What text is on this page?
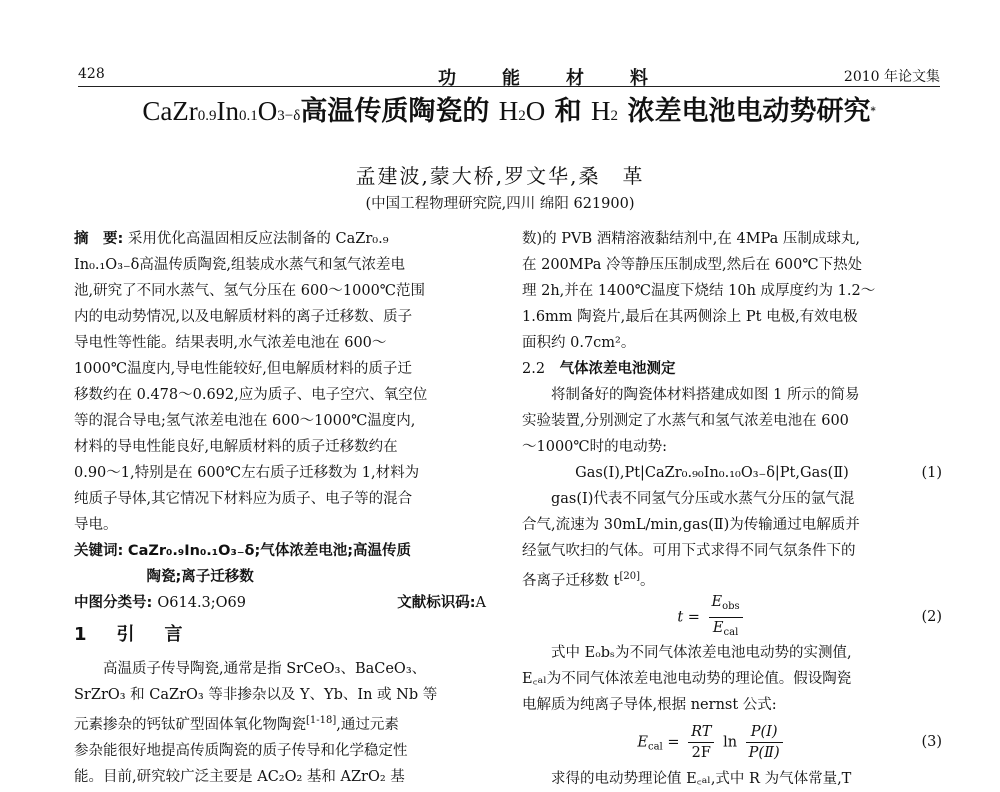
428	功能材料	2010 年论文集
CaZr0.9In0.1O3−δ高温传质陶瓷的 H2O 和 H2 浓差电池电动势研究*
孟建波,蒙大桥,罗文华,桑　革
(中国工程物理研究院,四川 绵阳 621900)

摘　要: 采用优化高温固相反应法制备的 CaZr₀.₉

In₀.₁O₃₋δ高温传质陶瓷,组装成水蒸气和氢气浓差电

池,研究了不同水蒸气、氢气分压在 600～1000℃范围

内的电动势情况,以及电解质材料的离子迁移数、质子

导电性等性能。结果表明,水气浓差电池在 600～

1000℃温度内,导电性能较好,但电解质材料的质子迁

移数约在 0.478～0.692,应为质子、电子空穴、氧空位

等的混合导电;氢气浓差电池在 600～1000℃温度内,

材料的导电性能良好,电解质材料的质子迁移数约在

0.90～1,特别是在 600℃左右质子迁移数为 1,材料为

纯质子导体,其它情况下材料应为质子、电子等的混合

导电。

关键词: CaZr₀.₉In₀.₁O₃₋δ;气体浓差电池;高温传质

陶瓷;离子迁移数

中图分类号: O614.3;O69	文献标识码:A
1　引　言

高温质子传导陶瓷,通常是指 SrCeO₃、BaCeO₃、

SrZrO₃ 和 CaZrO₃ 等非掺杂以及 Y、Yb、In 或 Nb 等

元素掺杂的钙钛矿型固体氧化物陶瓷[1-18],通过元素

参杂能很好地提高传质陶瓷的质子传导和化学稳定性

能。目前,研究较广泛主要是 AC₂O₂ 基和 AZrO₂ 基

数)的 PVB 酒精溶液黏结剂中,在 4MPa 压制成球丸,

在 200MPa 冷等静压压制成型,然后在 600℃下热处

理 2h,并在 1400℃温度下烧结 10h 成厚度约为 1.2～

1.6mm 陶瓷片,最后在其两侧涂上 Pt 电极,有效电极

面积约 0.7cm²。

2.2　 气体浓差电池测定

将制备好的陶瓷体材料搭建成如图 1 所示的简易

实验装置,分别测定了水蒸气和氢气浓差电池在 600

～1000℃时的电动势:

Gas(Ⅰ),Pt|CaZr₀.₉₀In₀.₁₀O₃₋δ|Pt,Gas(Ⅱ)	(1)

gas(Ⅰ)代表不同氢气分压或水蒸气分压的氩气混

合气,流速为 30mL/min,gas(Ⅱ)为传输通过电解质并

经氩气吹扫的气体。可用下式求得不同气氛条件下的

各离子迁移数 t[20]。

$t = \frac{E_{obs}}{E_{cal}}$	(2)

式中 Eₒbₛ为不同气体浓差电池电动势的实测值,

E꜀ₐₗ为不同气体浓差电池电动势的理论值。假设陶瓷

电解质为纯离子导体,根据 nernst 公式:

$E_{cal} = \frac{RT}{2F}$ $\ln \frac{\text{P(Ⅰ)}}{\text{P(Ⅱ)}}$	(3)

求得的电动势理论值 E꜀ₐₗ,式中 R 为气体常量,T
